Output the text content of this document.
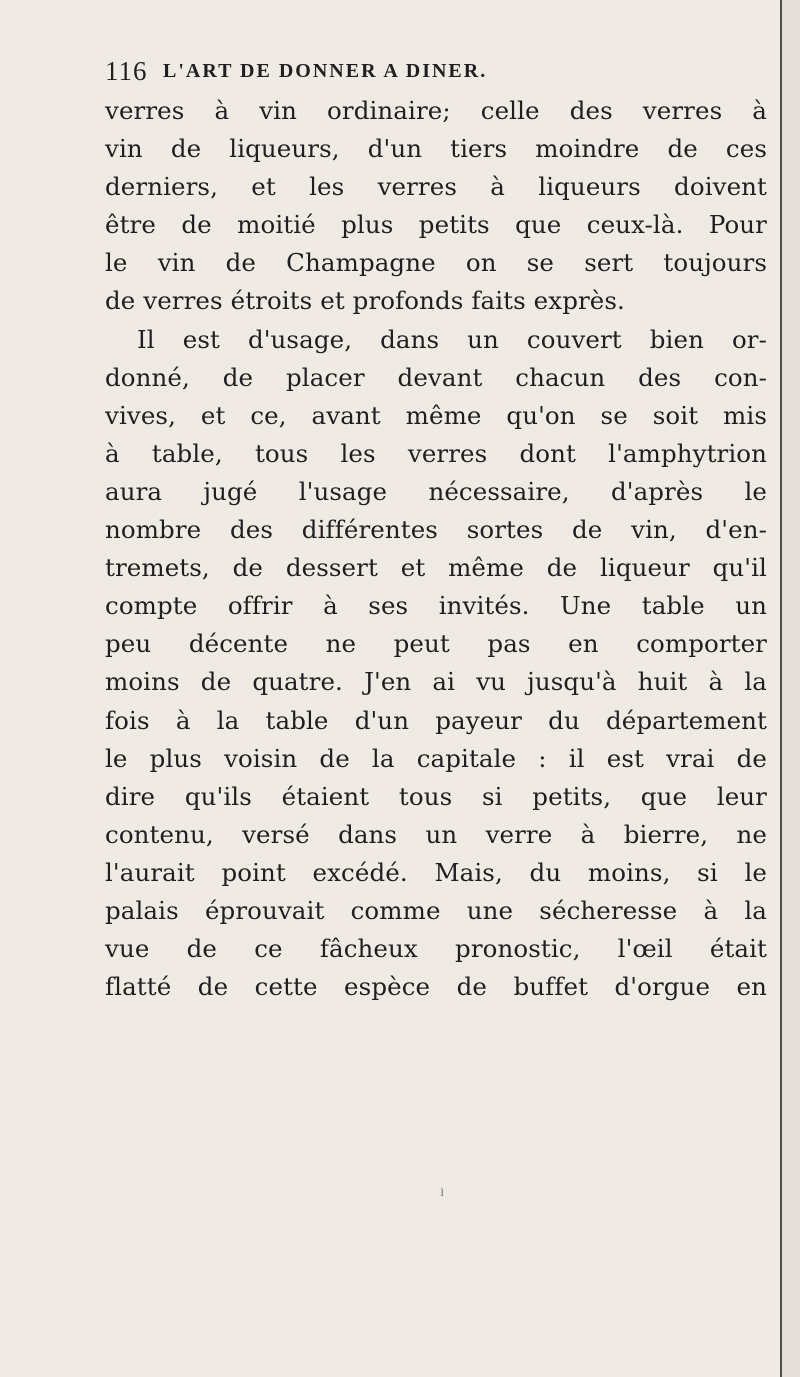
116 L'ART DE DONNER A DINER.
verres à vin ordinaire; celle des verres à
vin de liqueurs, d'un tiers moindre de ces
derniers, et les verres à liqueurs doivent
être de moitié plus petits que ceux-là. Pour
le vin de Champagne on se sert toujours
de verres étroits et profonds faits exprès.
Il est d'usage, dans un couvert bien or-
donné, de placer devant chacun des con-
vives, et ce, avant même qu'on se soit mis
à table, tous les verres dont l'amphytrion
aura jugé l'usage nécessaire, d'après le
nombre des différentes sortes de vin, d'en-
tremets, de dessert et même de liqueur qu'il
compte offrir à ses invités. Une table un
peu décente ne peut pas en comporter
moins de quatre. J'en ai vu jusqu'à huit à la
fois à la table d'un payeur du département
le plus voisin de la capitale : il est vrai de
dire qu'ils étaient tous si petits, que leur
contenu, versé dans un verre à bierre, ne
l'aurait point excédé. Mais, du moins, si le
palais éprouvait comme une sécheresse à la
vue de ce fâcheux pronostic, l'œil était
flatté de cette espèce de buffet d'orgue en
ı
